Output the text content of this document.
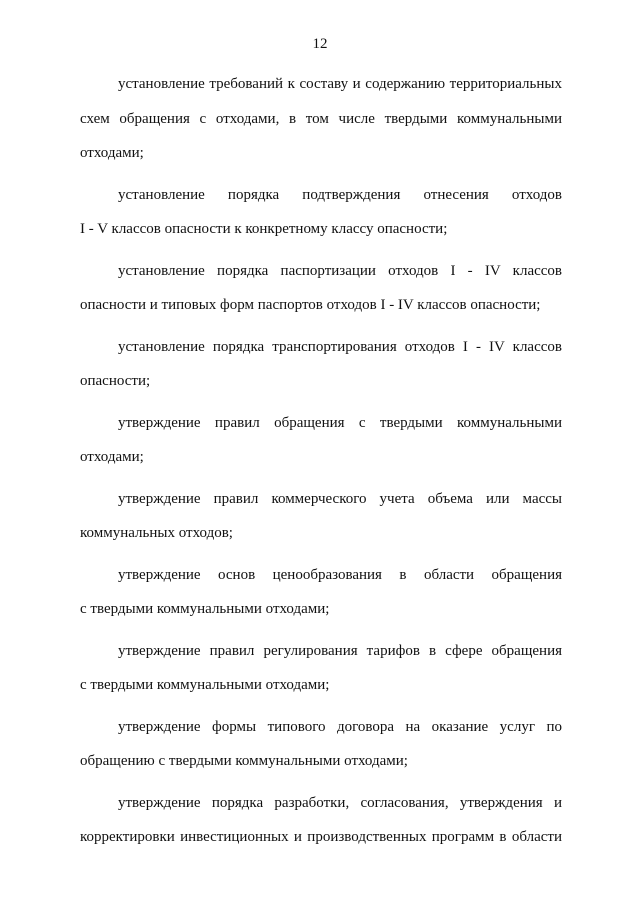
12
установление требований к составу и содержанию территориальных
схем обращения с отходами, в том числе твердыми коммунальными
отходами;
установление порядка подтверждения отнесения отходов
I - V классов опасности к конкретному классу опасности;
установление порядка паспортизации отходов I - IV классов
опасности и типовых форм паспортов отходов I - IV классов опасности;
установление порядка транспортирования отходов I - IV классов
опасности;
утверждение правил обращения с твердыми коммунальными
отходами;
утверждение правил коммерческого учета объема или массы
коммунальных отходов;
утверждение основ ценообразования в области обращения
с твердыми коммунальными отходами;
утверждение правил регулирования тарифов в сфере обращения
с твердыми коммунальными отходами;
утверждение формы типового договора на оказание услуг по
обращению с твердыми коммунальными отходами;
утверждение порядка разработки, согласования, утверждения и
корректировки инвестиционных и производственных программ в области
